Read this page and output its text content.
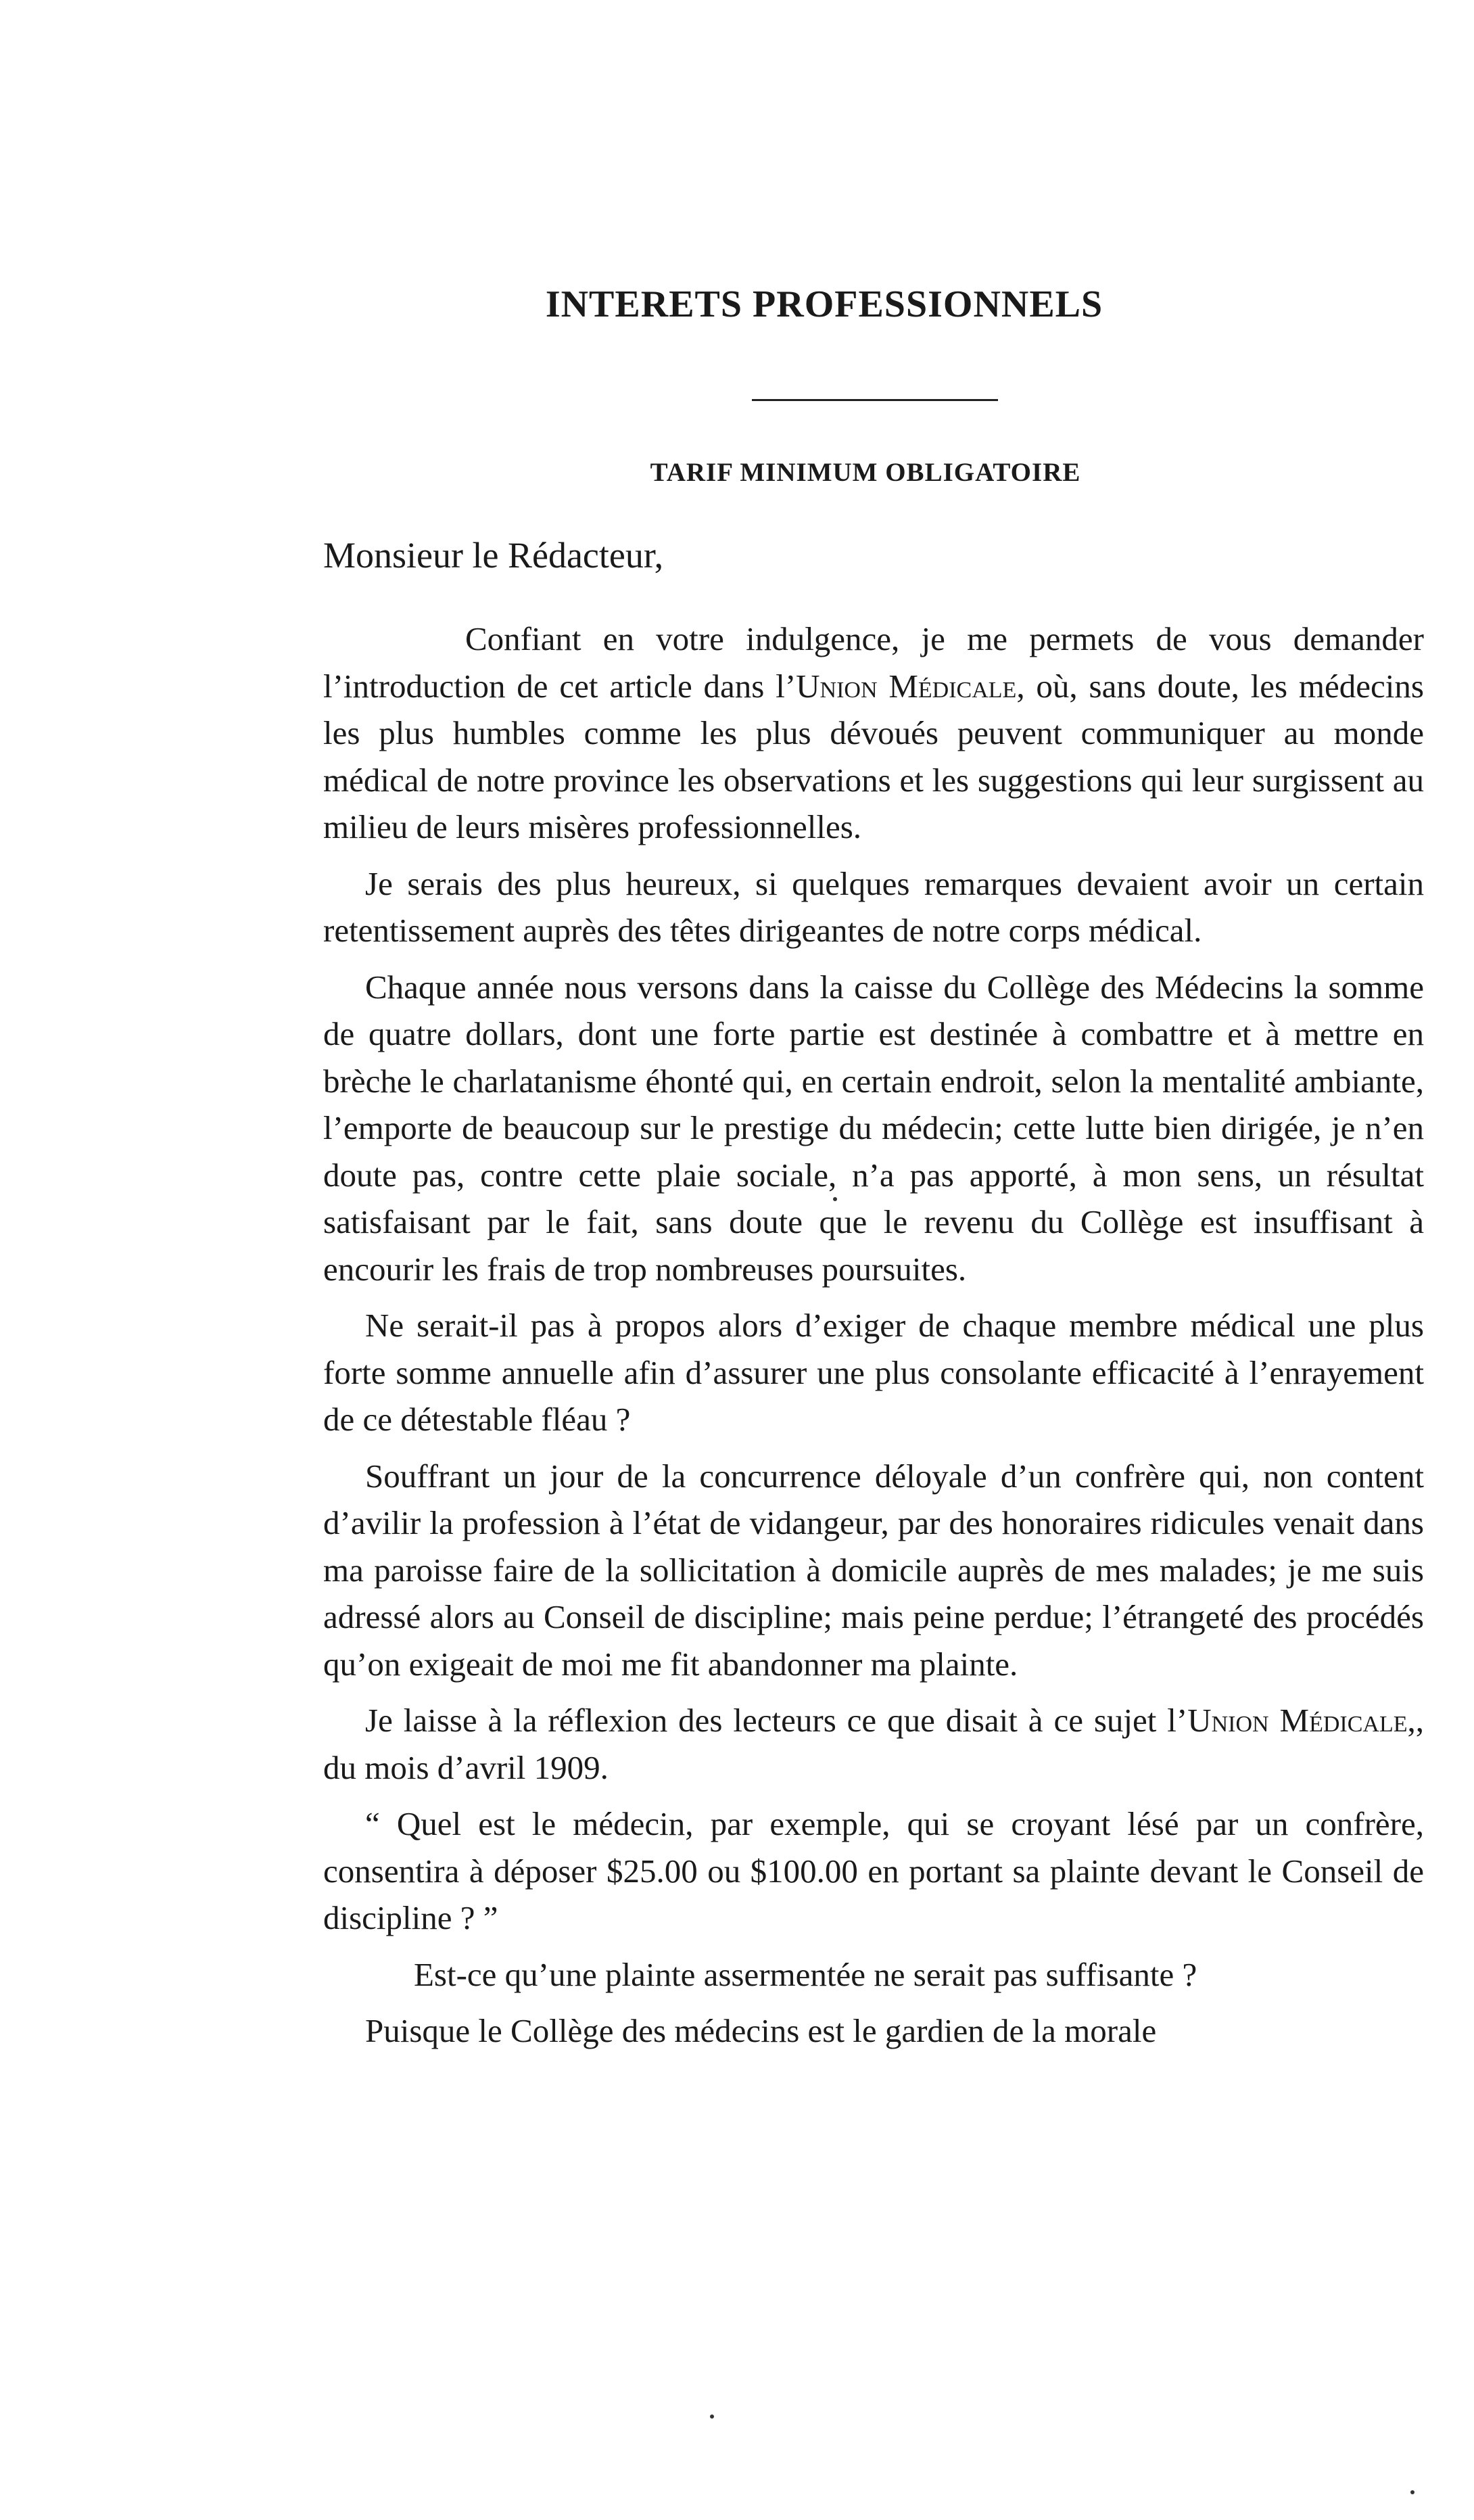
INTERETS PROFESSIONNELS
TARIF MINIMUM OBLIGATOIRE
Monsieur le Rédacteur,

Confiant en votre indulgence, je me permets de vous demander l’introduction de cet article dans l’Union Médicale, où, sans doute, les médecins les plus humbles comme les plus dévoués peuvent communiquer au monde médical de notre province les observations et les suggestions qui leur surgissent au milieu de leurs misères professionnelles.

Je serais des plus heureux, si quelques remarques devaient avoir un certain retentissement auprès des têtes dirigeantes de notre corps médical.

Chaque année nous versons dans la caisse du Collège des Médecins la somme de quatre dollars, dont une forte partie est destinée à combattre et à mettre en brèche le charlatanisme éhonté qui, en certain endroit, selon la mentalité ambiante, l’emporte de beaucoup sur le prestige du médecin; cette lutte bien dirigée, je n’en doute pas, contre cette plaie sociale, n’a pas apporté, à mon sens, un résultat satisfaisant par le fait, sans doute que le revenu du Collège est insuffisant à encourir les frais de trop nombreuses poursuites.

Ne serait-il pas à propos alors d’exiger de chaque membre médical une plus forte somme annuelle afin d’assurer une plus consolante efficacité à l’enrayement de ce détestable fléau ?

Souffrant un jour de la concurrence déloyale d’un confrère qui, non content d’avilir la profession à l’état de vidangeur, par des honoraires ridicules venait dans ma paroisse faire de la sollicitation à domicile auprès de mes malades; je me suis adressé alors au Conseil de discipline; mais peine perdue; l’étrangeté des procédés qu’on exigeait de moi me fit abandonner ma plainte.

Je laisse à la réflexion des lecteurs ce que disait à ce sujet l’Union Médicale,, du mois d’avril 1909.

“ Quel est le médecin, par exemple, qui se croyant lésé par un confrère, consentira à déposer $25.00 ou $100.00 en portant sa plainte devant le Conseil de discipline ? ”

Est-ce qu’une plainte assermentée ne serait pas suffisante ?

Puisque le Collège des médecins est le gardien de la morale
